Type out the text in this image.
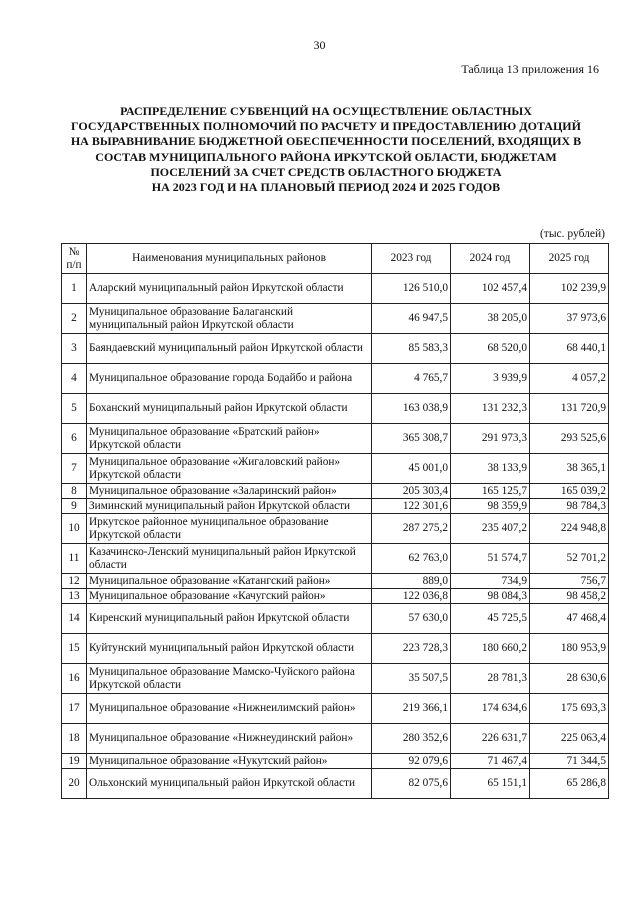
30
Таблица 13 приложения 16
РАСПРЕДЕЛЕНИЕ СУБВЕНЦИЙ НА ОСУЩЕСТВЛЕНИЕ ОБЛАСТНЫХ
ГОСУДАРСТВЕННЫХ ПОЛНОМОЧИЙ ПО РАСЧЕТУ И ПРЕДОСТАВЛЕНИЮ ДОТАЦИЙ
НА ВЫРАВНИВАНИЕ БЮДЖЕТНОЙ ОБЕСПЕЧЕННОСТИ ПОСЕЛЕНИЙ, ВХОДЯЩИХ В
СОСТАВ МУНИЦИПАЛЬНОГО РАЙОНА ИРКУТСКОЙ ОБЛАСТИ, БЮДЖЕТАМ
ПОСЕЛЕНИЙ ЗА СЧЕТ СРЕДСТВ ОБЛАСТНОГО БЮДЖЕТА
НА 2023 ГОД И НА ПЛАНОВЫЙ ПЕРИОД 2024 И 2025 ГОДОВ
(тыс. рублей)
№
п/п	Наименования муниципальных районов	2023 год	2024 год	2025 год
1	Аларский муниципальный район Иркутской области	126 510,0	102 457,4	102 239,9
2	Муниципальное образование Балаганский муниципальный район Иркутской области	46 947,5	38 205,0	37 973,6
3	Баяндаевский муниципальный район Иркутской области	85 583,3	68 520,0	68 440,1
4	Муниципальное образование города Бодайбо и района	4 765,7	3 939,9	4 057,2
5	Боханский муниципальный район Иркутской области	163 038,9	131 232,3	131 720,9
6	Муниципальное образование «Братский район» Иркутской области	365 308,7	291 973,3	293 525,6
7	Муниципальное образование «Жигаловский район» Иркутской области	45 001,0	38 133,9	38 365,1
8	Муниципальное образование «Заларинский район»	205 303,4	165 125,7	165 039,2
9	Зиминский муниципальный район Иркутской области	122 301,6	98 359,9	98 784,3
10	Иркутское районное муниципальное образование Иркутской области	287 275,2	235 407,2	224 948,8
11	Казачинско-Ленский муниципальный район Иркутской области	62 763,0	51 574,7	52 701,2
12	Муниципальное образование «Катангский район»	889,0	734,9	756,7
13	Муниципальное образование «Качугский район»	122 036,8	98 084,3	98 458,2
14	Киренский муниципальный район Иркутской области	57 630,0	45 725,5	47 468,4
15	Куйтунский муниципальный район Иркутской области	223 728,3	180 660,2	180 953,9
16	Муниципальное образование Мамско-Чуйского района Иркутской области	35 507,5	28 781,3	28 630,6
17	Муниципальное образование «Нижнеилимский район»	219 366,1	174 634,6	175 693,3
18	Муниципальное образование «Нижнеудинский район»	280 352,6	226 631,7	225 063,4
19	Муниципальное образование «Нукутский район»	92 079,6	71 467,4	71 344,5
20	Ольхонский муниципальный район Иркутской области	82 075,6	65 151,1	65 286,8
